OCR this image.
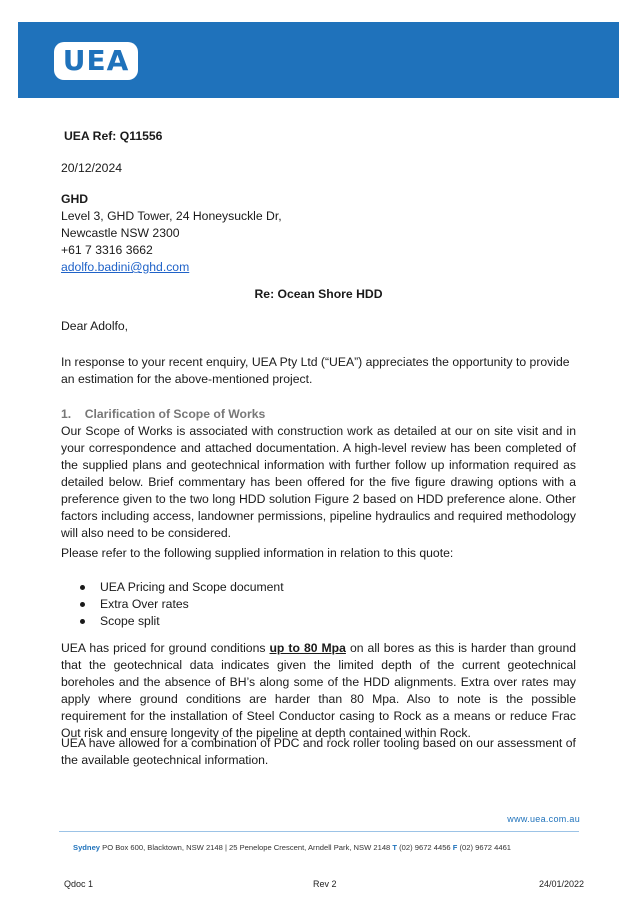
UEA
UEA Ref: Q11556
20/12/2024
GHD
Level 3, GHD Tower, 24 Honeysuckle Dr,
Newcastle NSW 2300
+61 7 3316 3662
adolfo.badini@ghd.com
Re: Ocean Shore HDD
Dear Adolfo,

In response to your recent enquiry, UEA Pty Ltd (“UEA”) appreciates the opportunity to provide an estimation for the above-mentioned project.

1. Clarification of Scope of Works

Our Scope of Works is associated with construction work as detailed at our on site visit and in your correspondence and attached documentation. A high-level review has been completed of the supplied plans and geotechnical information with further follow up information required as detailed below. Brief commentary has been offered for the five figure drawing options with a preference given to the two long HDD solution Figure 2 based on HDD preference alone. Other factors including access, landowner permissions, pipeline hydraulics and required methodology will also need to be considered.

Please refer to the following supplied information in relation to this quote:

UEA Pricing and Scope document
Extra Over rates
Scope split

UEA has priced for ground conditions up to 80 Mpa on all bores as this is harder than ground that the geotechnical data indicates given the limited depth of the current geotechnical boreholes and the absence of BH’s along some of the HDD alignments. Extra over rates may apply where ground conditions are harder than 80 Mpa. Also to note is the possible requirement for the installation of Steel Conductor casing to Rock as a means or reduce Frac Out risk and ensure longevity of the pipeline at depth contained within Rock.

UEA have allowed for a combination of PDC and rock roller tooling based on our assessment of the available geotechnical information.

www.uea.com.au
Sydney PO Box 600, Blacktown, NSW 2148 | 25 Penelope Crescent, Arndell Park, NSW 2148 T (02) 9672 4456 F (02) 9672 4461
Qdoc 1	Rev 2	24/01/2022
